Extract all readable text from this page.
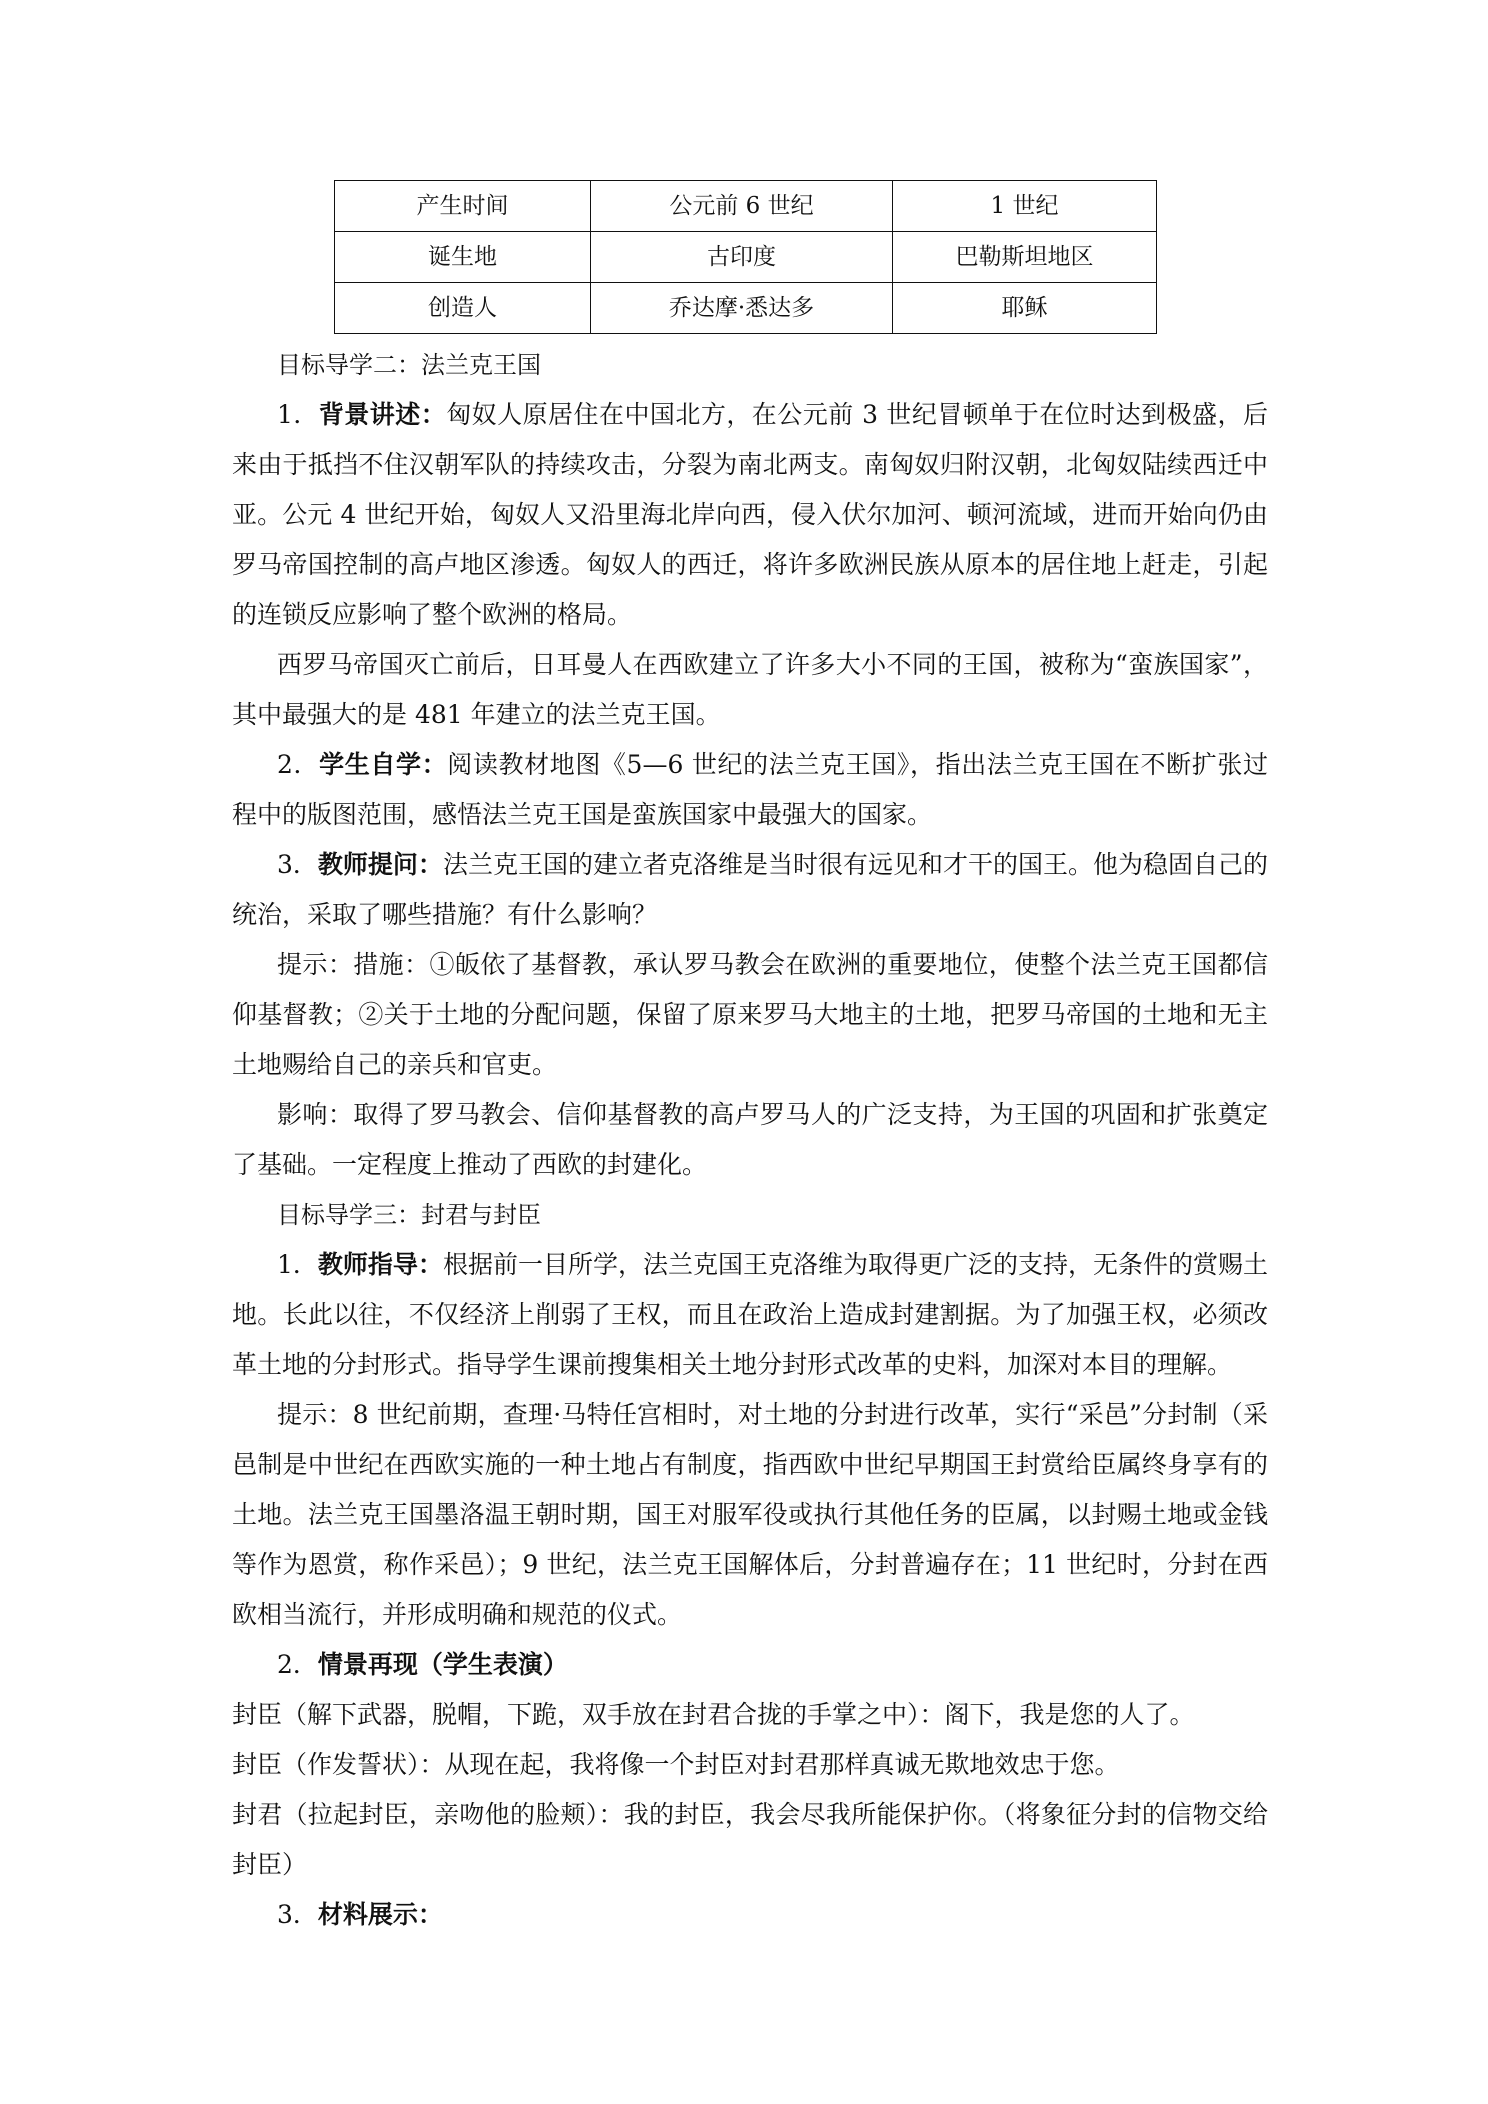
产生时间	公元前 6 世纪	1 世纪
诞生地	古印度	巴勒斯坦地区
创造人	乔达摩·悉达多	耶稣

目标导学二：法兰克王国

1．背景讲述：匈奴人原居住在中国北方，在公元前 3 世纪冒顿单于在位时达到极盛，后来由于抵挡不住汉朝军队的持续攻击，分裂为南北两支。南匈奴归附汉朝，北匈奴陆续西迁中亚。公元 4 世纪开始，匈奴人又沿里海北岸向西，侵入伏尔加河、顿河流域，进而开始向仍由罗马帝国控制的高卢地区渗透。匈奴人的西迁，将许多欧洲民族从原本的居住地上赶走，引起的连锁反应影响了整个欧洲的格局。

西罗马帝国灭亡前后，日耳曼人在西欧建立了许多大小不同的王国，被称为“蛮族国家”，其中最强大的是 481 年建立的法兰克王国。

2．学生自学：阅读教材地图《5—6 世纪的法兰克王国》，指出法兰克王国在不断扩张过程中的版图范围，感悟法兰克王国是蛮族国家中最强大的国家。

3．教师提问：法兰克王国的建立者克洛维是当时很有远见和才干的国王。他为稳固自己的统治，采取了哪些措施？有什么影响？

提示：措施：①皈依了基督教，承认罗马教会在欧洲的重要地位，使整个法兰克王国都信仰基督教；②关于土地的分配问题，保留了原来罗马大地主的土地，把罗马帝国的土地和无主土地赐给自己的亲兵和官吏。

影响：取得了罗马教会、信仰基督教的高卢罗马人的广泛支持，为王国的巩固和扩张奠定了基础。一定程度上推动了西欧的封建化。

目标导学三：封君与封臣

1．教师指导：根据前一目所学，法兰克国王克洛维为取得更广泛的支持，无条件的赏赐土地。长此以往，不仅经济上削弱了王权，而且在政治上造成封建割据。为了加强王权，必须改革土地的分封形式。指导学生课前搜集相关土地分封形式改革的史料，加深对本目的理解。

提示：8 世纪前期，查理·马特任宫相时，对土地的分封进行改革，实行“采邑”分封制（采邑制是中世纪在西欧实施的一种土地占有制度，指西欧中世纪早期国王封赏给臣属终身享有的土地。法兰克王国墨洛温王朝时期，国王对服军役或执行其他任务的臣属，以封赐土地或金钱等作为恩赏，称作采邑）；9 世纪，法兰克王国解体后，分封普遍存在；11 世纪时，分封在西欧相当流行，并形成明确和规范的仪式。

2．情景再现（学生表演）

封臣（解下武器，脱帽，下跪，双手放在封君合拢的手掌之中）：阁下，我是您的人了。

封臣（作发誓状）：从现在起，我将像一个封臣对封君那样真诚无欺地效忠于您。

封君（拉起封臣，亲吻他的脸颊）：我的封臣，我会尽我所能保护你。（将象征分封的信物交给封臣）

3．材料展示：
